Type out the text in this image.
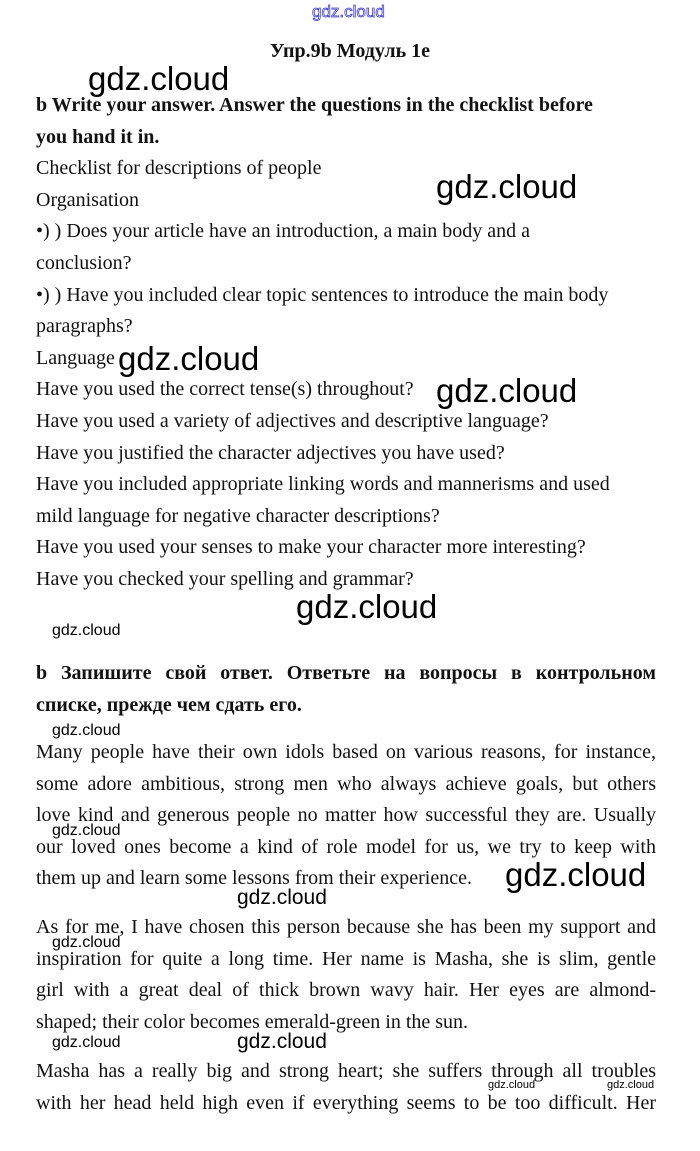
gdz.cloud
Упр.9b Модуль 1е
b Write your answer. Answer the questions in the checklist before
you hand it in.
Checklist for descriptions of people
Organisation
•) ) Does your article have an introduction, a main body and a
conclusion?
•) ) Have you included clear topic sentences to introduce the main body
paragraphs?
Language
Have you used the correct tense(s) throughout?
Have you used a variety of adjectives and descriptive language?
Have you justified the character adjectives you have used?
Have you included appropriate linking words and mannerisms and used
mild language for negative character descriptions?
Have you used your senses to make your character more interesting?
Have you checked your spelling and grammar?
b Запишите свой ответ. Ответьте на вопросы в контрольном
списке, прежде чем сдать его.
Many people have their own idols based on various reasons, for instance,
some adore ambitious, strong men who always achieve goals, but others
love kind and generous people no matter how successful they are. Usually
our loved ones become a kind of role model for us, we try to keep with
them up and learn some lessons from their experience.
As for me, I have chosen this person because she has been my support and
inspiration for quite a long time. Her name is Masha, she is slim, gentle
girl with a great deal of thick brown wavy hair. Her eyes are almond-
shaped; their color becomes emerald-green in the sun.
Masha has a really big and strong heart; she suffers through all troubles
with her head held high even if everything seems to be too difficult. Her
gdz.cloud
gdz.cloud
gdz.cloud
gdz.cloud
gdz.cloud
gdz.cloud
gdz.cloud
gdz.cloud
gdz.cloud
gdz.cloud
gdz.cloud
gdz.cloud	gdz.cloud
gdz.cloud	gdz.cloud
